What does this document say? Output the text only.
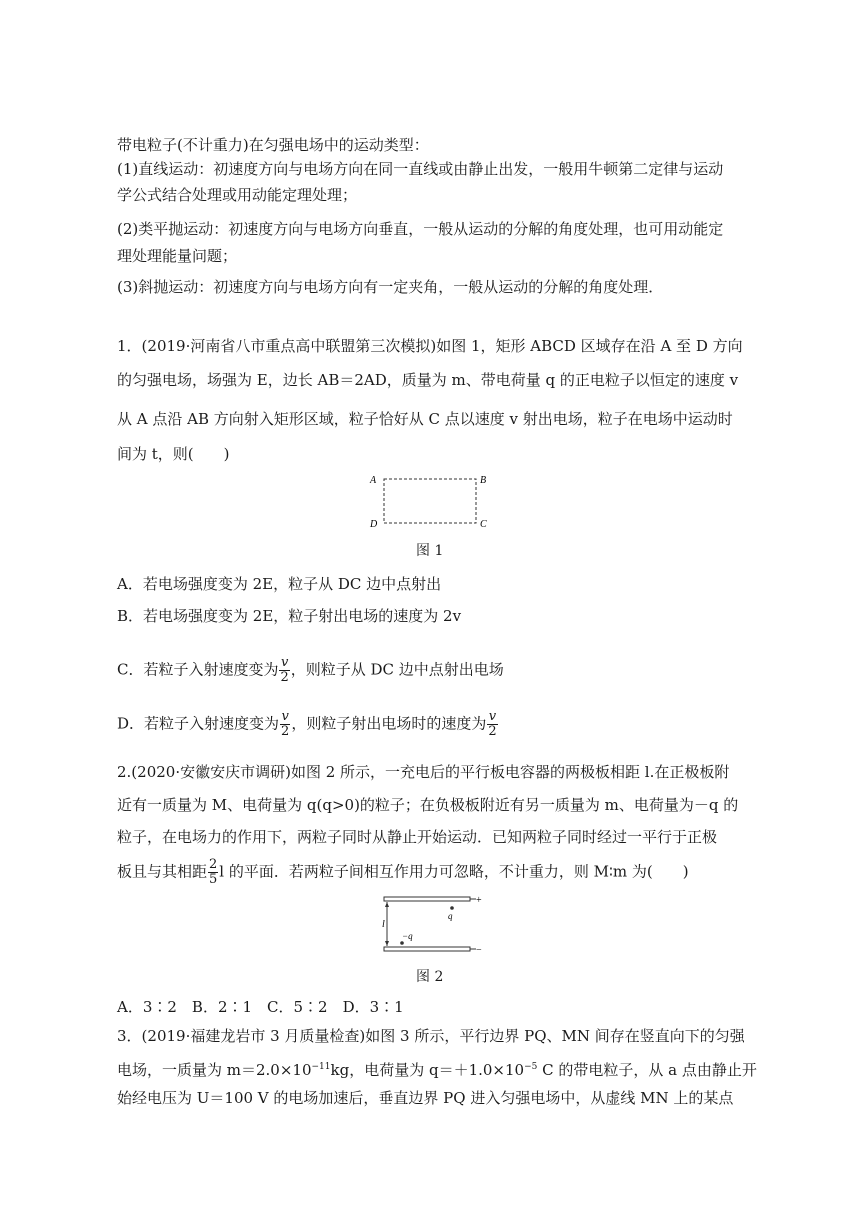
带电粒子(不计重力)在匀强电场中的运动类型：
(1)直线运动：初速度方向与电场方向在同一直线或由静止出发，一般用牛顿第二定律与运动
学公式结合处理或用动能定理处理；
(2)类平抛运动：初速度方向与电场方向垂直，一般从运动的分解的角度处理，也可用动能定
理处理能量问题；
(3)斜抛运动：初速度方向与电场方向有一定夹角，一般从运动的分解的角度处理．
1．(2019·河南省八市重点高中联盟第三次模拟)如图 1，矩形 ABCD 区域存在沿 A 至 D 方向
的匀强电场，场强为 E，边长 AB＝2AD，质量为 m、带电荷量 q 的正电粒子以恒定的速度 v
从 A 点沿 AB 方向射入矩形区域，粒子恰好从 C 点以速度 v 射出电场，粒子在电场中运动时
间为 t，则(　　)
A	B
D	C
图 1
A．若电场强度变为 2E，粒子从 DC 边中点射出
B．若电场强度变为 2E，粒子射出电场的速度为 2v
C．若粒子入射速度变为 $\frac{v}{2}$ ，则粒子从 DC 边中点射出电场
D．若粒子入射速度变为 $\frac{v}{2}$ ，则粒子射出电场时的速度为 $\frac{v}{2}$
2.(2020·安徽安庆市调研)如图 2 所示，一充电后的平行板电容器的两极板相距 l.在正极板附
近有一质量为 M、电荷量为 q(q>0)的粒子；在负极板附近有另一质量为 m、电荷量为－q 的
粒子，在电场力的作用下，两粒子同时从静止开始运动．已知两粒子同时经过一平行于正极
板且与其相距 $\frac{2}{5}$ l 的平面．若两粒子间相互作用力可忽略，不计重力，则 M∶m 为(　　)
+
−
l
q
−q
图 2
A．3∶2　B．2∶1　C．5∶2　D．3∶1
3．(2019·福建龙岩市 3 月质量检查)如图 3 所示，平行边界 PQ、MN 间存在竖直向下的匀强
电场，一质量为 $m=2.0\times 10^{-11}kg$，电荷量为 $q=+1.0\times 10^{-5}$ C 的带电粒子，从 a 点由静止开
始经电压为 U＝100 V 的电场加速后，垂直边界 PQ 进入匀强电场中，从虚线 MN 上的某点
